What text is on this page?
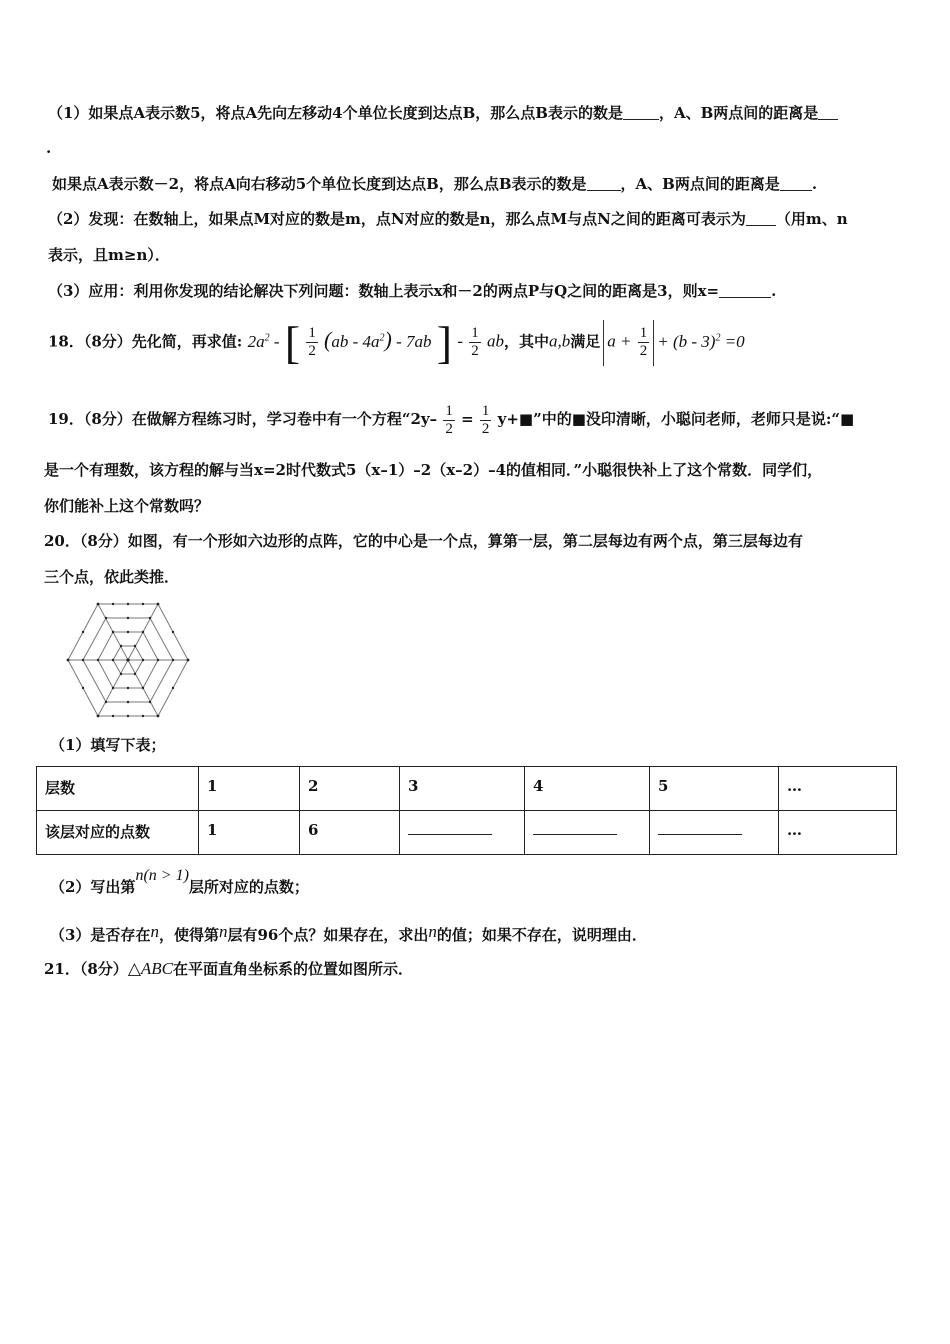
（1）如果点A表示数5，将点A先向左移动4个单位长度到达点B，那么点B表示的数是 ，A、B两点间的距离是
.
如果点A表示数－2，将点A向右移动5个单位长度到达点B，那么点B表示的数是 ，A、B两点间的距离是 .
（2）发现：在数轴上，如果点M对应的数是m，点N对应的数是n，那么点M与点N之间的距离可表示为 （用m、n
表示，且m≥n）．
（3）应用：利用你发现的结论解决下列问题：数轴上表示x和－2的两点P与Q之间的距离是3，则x=	.
18．（8分）先化简，再求值: $2a^2$ - [ $\frac{1}{2} (ab - 4a^2) - 7ab$ ] - $\frac{1}{2}$ ab，其中a,b满足 $a + \frac{1}{2} + (b - 3)^2 =0$
19．（8分）在做解方程练习时，学习卷中有一个方程“$2y- \frac{1}{2} = \frac{1}{2}$ y+■”中的■没印清晰，小聪问老师，老师只是说:“■
是一个有理数，该方程的解与当x=2时代数式5（x–1）–2（x–2）–4的值相同．”小聪很快补上了这个常数．同学们，
你们能补上这个常数吗？
20．（8分）如图，有一个形如六边形的点阵，它的中心是一个点，算第一层，第二层每边有两个点，第三层每边有
三个点，依此类推．
（1）填写下表；
层数	1	2	3	4	5	…
该层对应的点数	1	6				…
（2）写出第n(n > 1)层所对应的点数；
（3）是否存在n，使得第n层有96个点？如果存在，求出n的值；如果不存在，说明理由．
21．（8分）△ABC在平面直角坐标系的位置如图所示．
